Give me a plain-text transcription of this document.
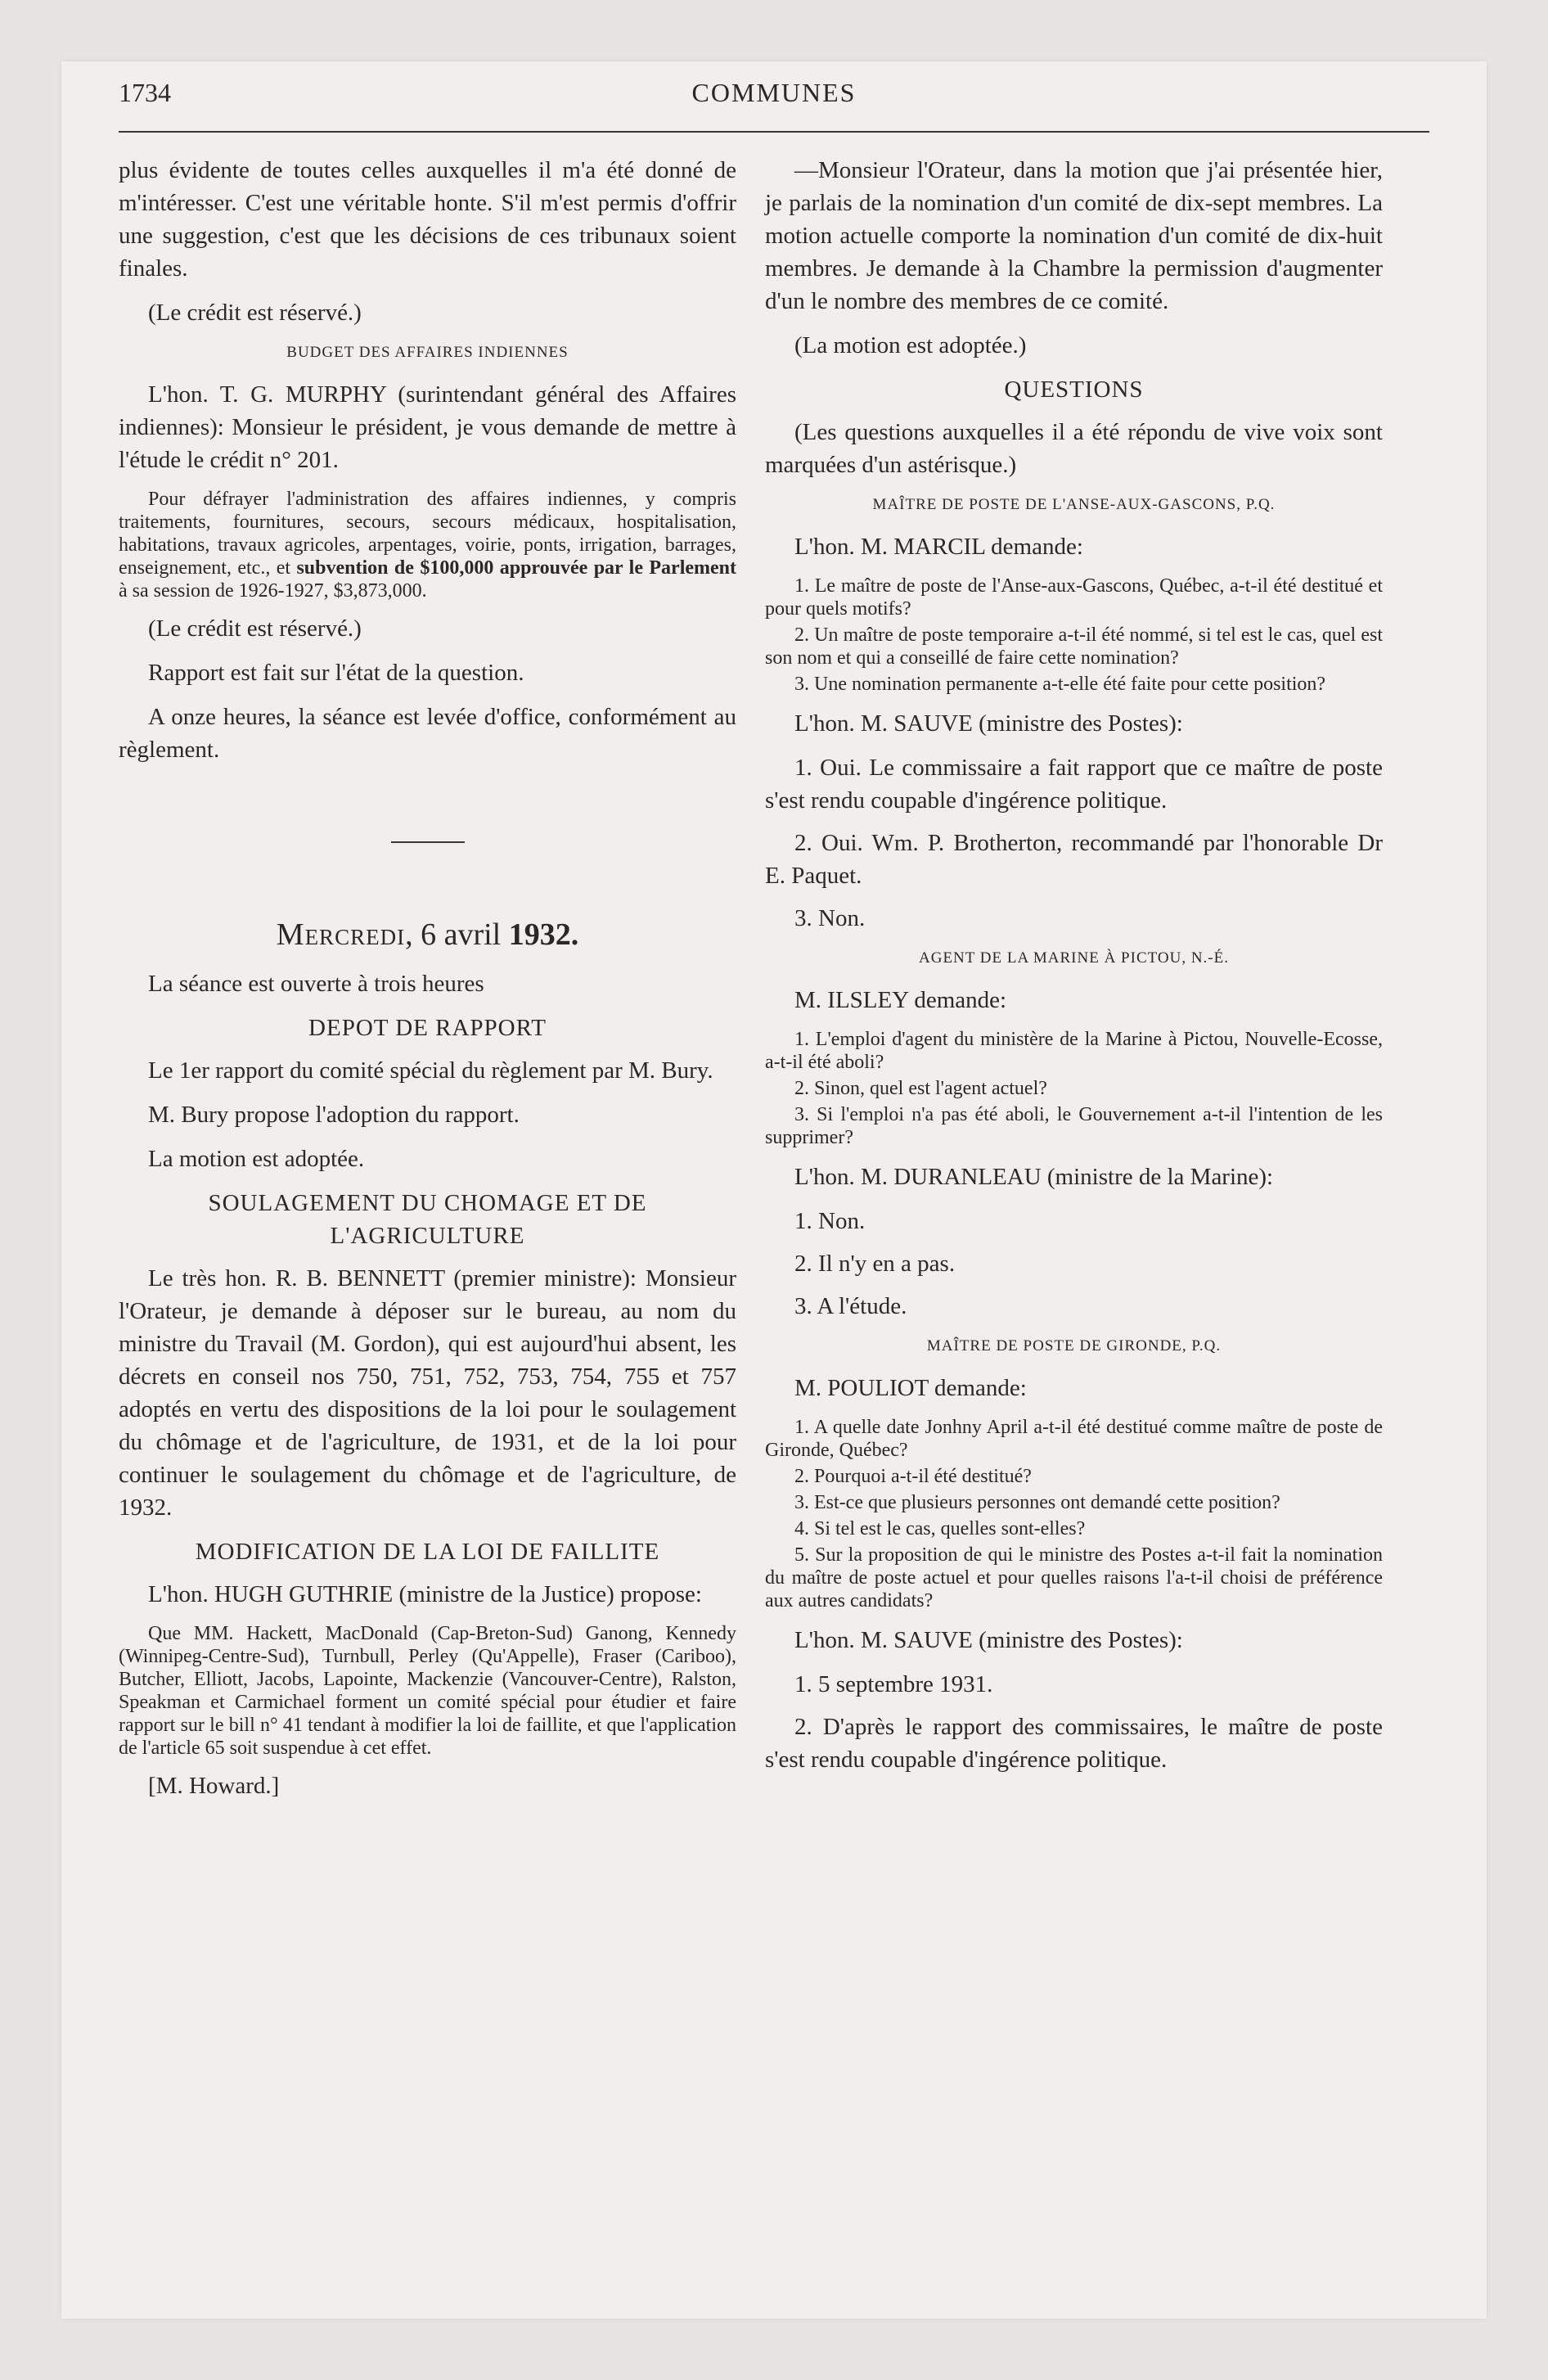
1734	COMMUNES

plus évidente de toutes celles auxquelles il m'a été donné de m'intéresser. C'est une véritable honte. S'il m'est permis d'offrir une suggestion, c'est que les décisions de ces tribunaux soient finales.

(Le crédit est réservé.)

BUDGET DES AFFAIRES INDIENNES

L'hon. T. G. MURPHY (surintendant général des Affaires indiennes): Monsieur le président, je vous demande de mettre à l'étude le crédit n° 201.

Pour défrayer l'administration des affaires indiennes, y compris traitements, fournitures, secours, secours médicaux, hospitalisation, habitations, travaux agricoles, arpentages, voirie, ponts, irrigation, barrages, enseignement, etc., et subvention de $100,000 approuvée par le Parlement à sa session de 1926-1927, $3,873,000.

(Le crédit est réservé.)

Rapport est fait sur l'état de la question.

A onze heures, la séance est levée d'office, conformément au règlement.

Mercredi, 6 avril 1932.

La séance est ouverte à trois heures

DEPOT DE RAPPORT

Le 1er rapport du comité spécial du règlement par M. Bury.

M. Bury propose l'adoption du rapport.

La motion est adoptée.

SOULAGEMENT DU CHOMAGE ET DE L'AGRICULTURE

Le très hon. R. B. BENNETT (premier ministre): Monsieur l'Orateur, je demande à déposer sur le bureau, au nom du ministre du Travail (M. Gordon), qui est aujourd'hui absent, les décrets en conseil nos 750, 751, 752, 753, 754, 755 et 757 adoptés en vertu des dispositions de la loi pour le soulagement du chômage et de l'agriculture, de 1931, et de la loi pour continuer le soulagement du chômage et de l'agriculture, de 1932.

MODIFICATION DE LA LOI DE FAILLITE

L'hon. HUGH GUTHRIE (ministre de la Justice) propose:

Que MM. Hackett, MacDonald (Cap-Breton-Sud) Ganong, Kennedy (Winnipeg-Centre-Sud), Turnbull, Perley (Qu'Appelle), Fraser (Cariboo), Butcher, Elliott, Jacobs, Lapointe, Mackenzie (Vancouver-Centre), Ralston, Speakman et Carmichael forment un comité spécial pour étudier et faire rapport sur le bill n° 41 tendant à modifier la loi de faillite, et que l'application de l'article 65 soit suspendue à cet effet.

[M. Howard.]

—Monsieur l'Orateur, dans la motion que j'ai présentée hier, je parlais de la nomination d'un comité de dix-sept membres. La motion actuelle comporte la nomination d'un comité de dix-huit membres. Je demande à la Chambre la permission d'augmenter d'un le nombre des membres de ce comité.

(La motion est adoptée.)

QUESTIONS

(Les questions auxquelles il a été répondu de vive voix sont marquées d'un astérisque.)

MAÎTRE DE POSTE DE L'ANSE-AUX-GASCONS, P.Q.

L'hon. M. MARCIL demande:

1. Le maître de poste de l'Anse-aux-Gascons, Québec, a-t-il été destitué et pour quels motifs?

2. Un maître de poste temporaire a-t-il été nommé, si tel est le cas, quel est son nom et qui a conseillé de faire cette nomination?

3. Une nomination permanente a-t-elle été faite pour cette position?

L'hon. M. SAUVE (ministre des Postes):

1. Oui. Le commissaire a fait rapport que ce maître de poste s'est rendu coupable d'ingérence politique.

2. Oui. Wm. P. Brotherton, recommandé par l'honorable Dr E. Paquet.

3. Non.

AGENT DE LA MARINE À PICTOU, N.-É.

M. ILSLEY demande:

1. L'emploi d'agent du ministère de la Marine à Pictou, Nouvelle-Ecosse, a-t-il été aboli?

2. Sinon, quel est l'agent actuel?

3. Si l'emploi n'a pas été aboli, le Gouvernement a-t-il l'intention de les supprimer?

L'hon. M. DURANLEAU (ministre de la Marine):

1. Non.

2. Il n'y en a pas.

3. A l'étude.

MAÎTRE DE POSTE DE GIRONDE, P.Q.

M. POULIOT demande:

1. A quelle date Jonhny April a-t-il été destitué comme maître de poste de Gironde, Québec?

2. Pourquoi a-t-il été destitué?

3. Est-ce que plusieurs personnes ont demandé cette position?

4. Si tel est le cas, quelles sont-elles?

5. Sur la proposition de qui le ministre des Postes a-t-il fait la nomination du maître de poste actuel et pour quelles raisons l'a-t-il choisi de préférence aux autres candidats?

L'hon. M. SAUVE (ministre des Postes):

1. 5 septembre 1931.

2. D'après le rapport des commissaires, le maître de poste s'est rendu coupable d'ingérence politique.
